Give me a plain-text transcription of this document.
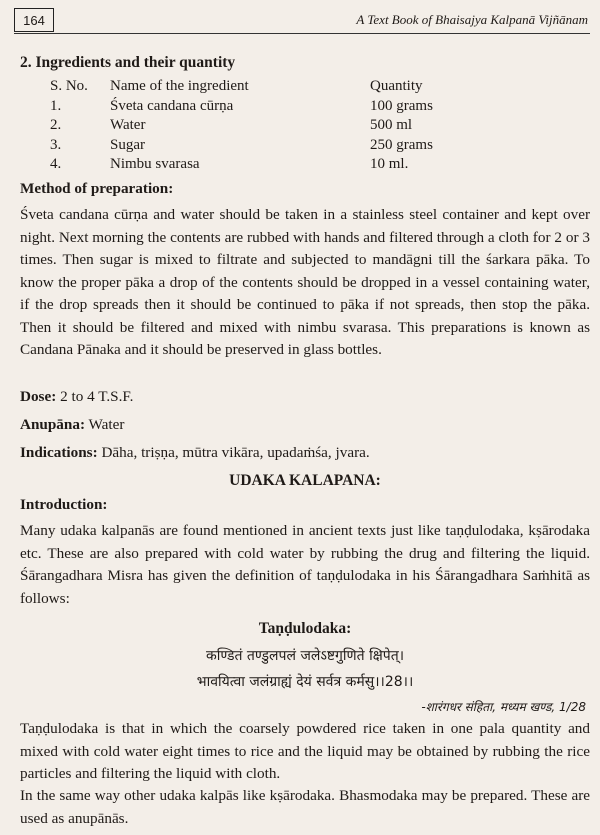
164	A Text Book of Bhaisajya Kalpanā Vijñānam
2. Ingredients and their quantity
S. No.	Name of the ingredient	Quantity
1.	Śveta candana cūrṇa	100 grams
2.	Water	500 ml
3.	Sugar	250 grams
4.	Nimbu svarasa	10 ml.
Method of preparation:
Śveta candana cūrṇa and water should be taken in a stainless steel container and kept over night. Next morning the contents are rubbed with hands and filtered through a cloth for 2 or 3 times. Then sugar is mixed to filtrate and subjected to mandāgni till the śarkara pāka. To know the proper pāka a drop of the contents should be dropped in a vessel containing water, if the drop spreads then it should be continued to pāka if not spreads, then stop the pāka. Then it should be filtered and mixed with nimbu svarasa. This preparations is known as Candana Pānaka and it should be preserved in glass bottles.
Dose: 2 to 4 T.S.F.
Anupāna: Water
Indications: Dāha, triṣṇa, mūtra vikāra, upadaṁśa, jvara.
UDAKA KALAPANA:
Introduction:
Many udaka kalpanās are found mentioned in ancient texts just like taṇḍulodaka, kṣārodaka etc. These are also prepared with cold water by rubbing the drug and filtering the liquid. Śārangadhara Misra has given the definition of taṇḍulodaka in his Śārangadhara Saṁhitā as follows:
Taṇḍulodaka:
कण्डितं तण्डुलपलं जलेऽष्टगुणिते क्षिपेत्।
भावयित्वा जलंग्राह्यं देयं सर्वत्र कर्मसु।।28।।
-शारंगधर संहिता, मध्यम खण्ड, 1/28
Taṇḍulodaka is that in which the coarsely powdered rice taken in one pala quantity and mixed with cold water eight times to rice and the liquid may be obtained by rubbing the rice particles and filtering the liquid with cloth.
In the same way other udaka kalpās like kṣārodaka. Bhasmodaka may be prepared. These are used as anupānās.
